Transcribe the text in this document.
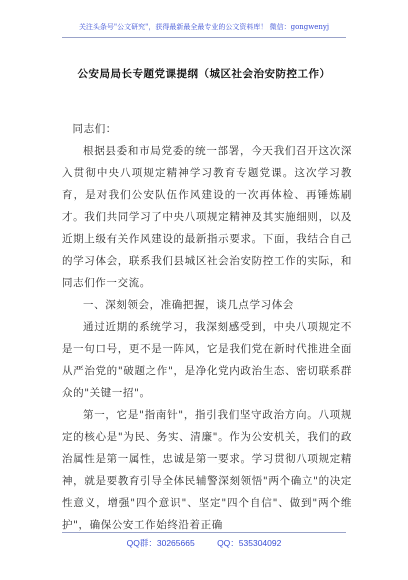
关注头条号"公文研究"，获得最新最全最专业的公文资料库！ 微信：gongwenyj
公安局局长专题党课提纲（城区社会治安防控工作）

同志们：

根据县委和市局党委的统一部署，今天我们召开这次深入贯彻中央八项规定精神学习教育专题党课。这次学习教育，是对我们公安队伍作风建设的一次再体检、再锤炼刷才。我们共同学习了中央八项规定精神及其实施细则，以及近期上级有关作风建设的最新指示要求。下面，我结合自己的学习体会，联系我们县城区社会治安防控工作的实际，和同志们作一交流。

一、深刻领会，准确把握，谈几点学习体会

通过近期的系统学习，我深刻感受到，中央八项规定不是一句口号，更不是一阵风，它是我们党在新时代推进全面从严治党的"破题之作"，是净化党内政治生态、密切联系群众的"关键一招"。

第一，它是"指南针"，指引我们坚守政治方向。八项规定的核心是"为民、务实、清廉"。作为公安机关，我们的政治属性是第一属性，忠诚是第一要求。学习贯彻八项规定精神，就是要教育引导全体民辅警深刻领悟"两个确立"的决定性意义，增强"四个意识"、坚定"四个自信"、做到"两个维护"，确保公安工作始终沿着正确

QQ群：30265665	QQ：535304092
